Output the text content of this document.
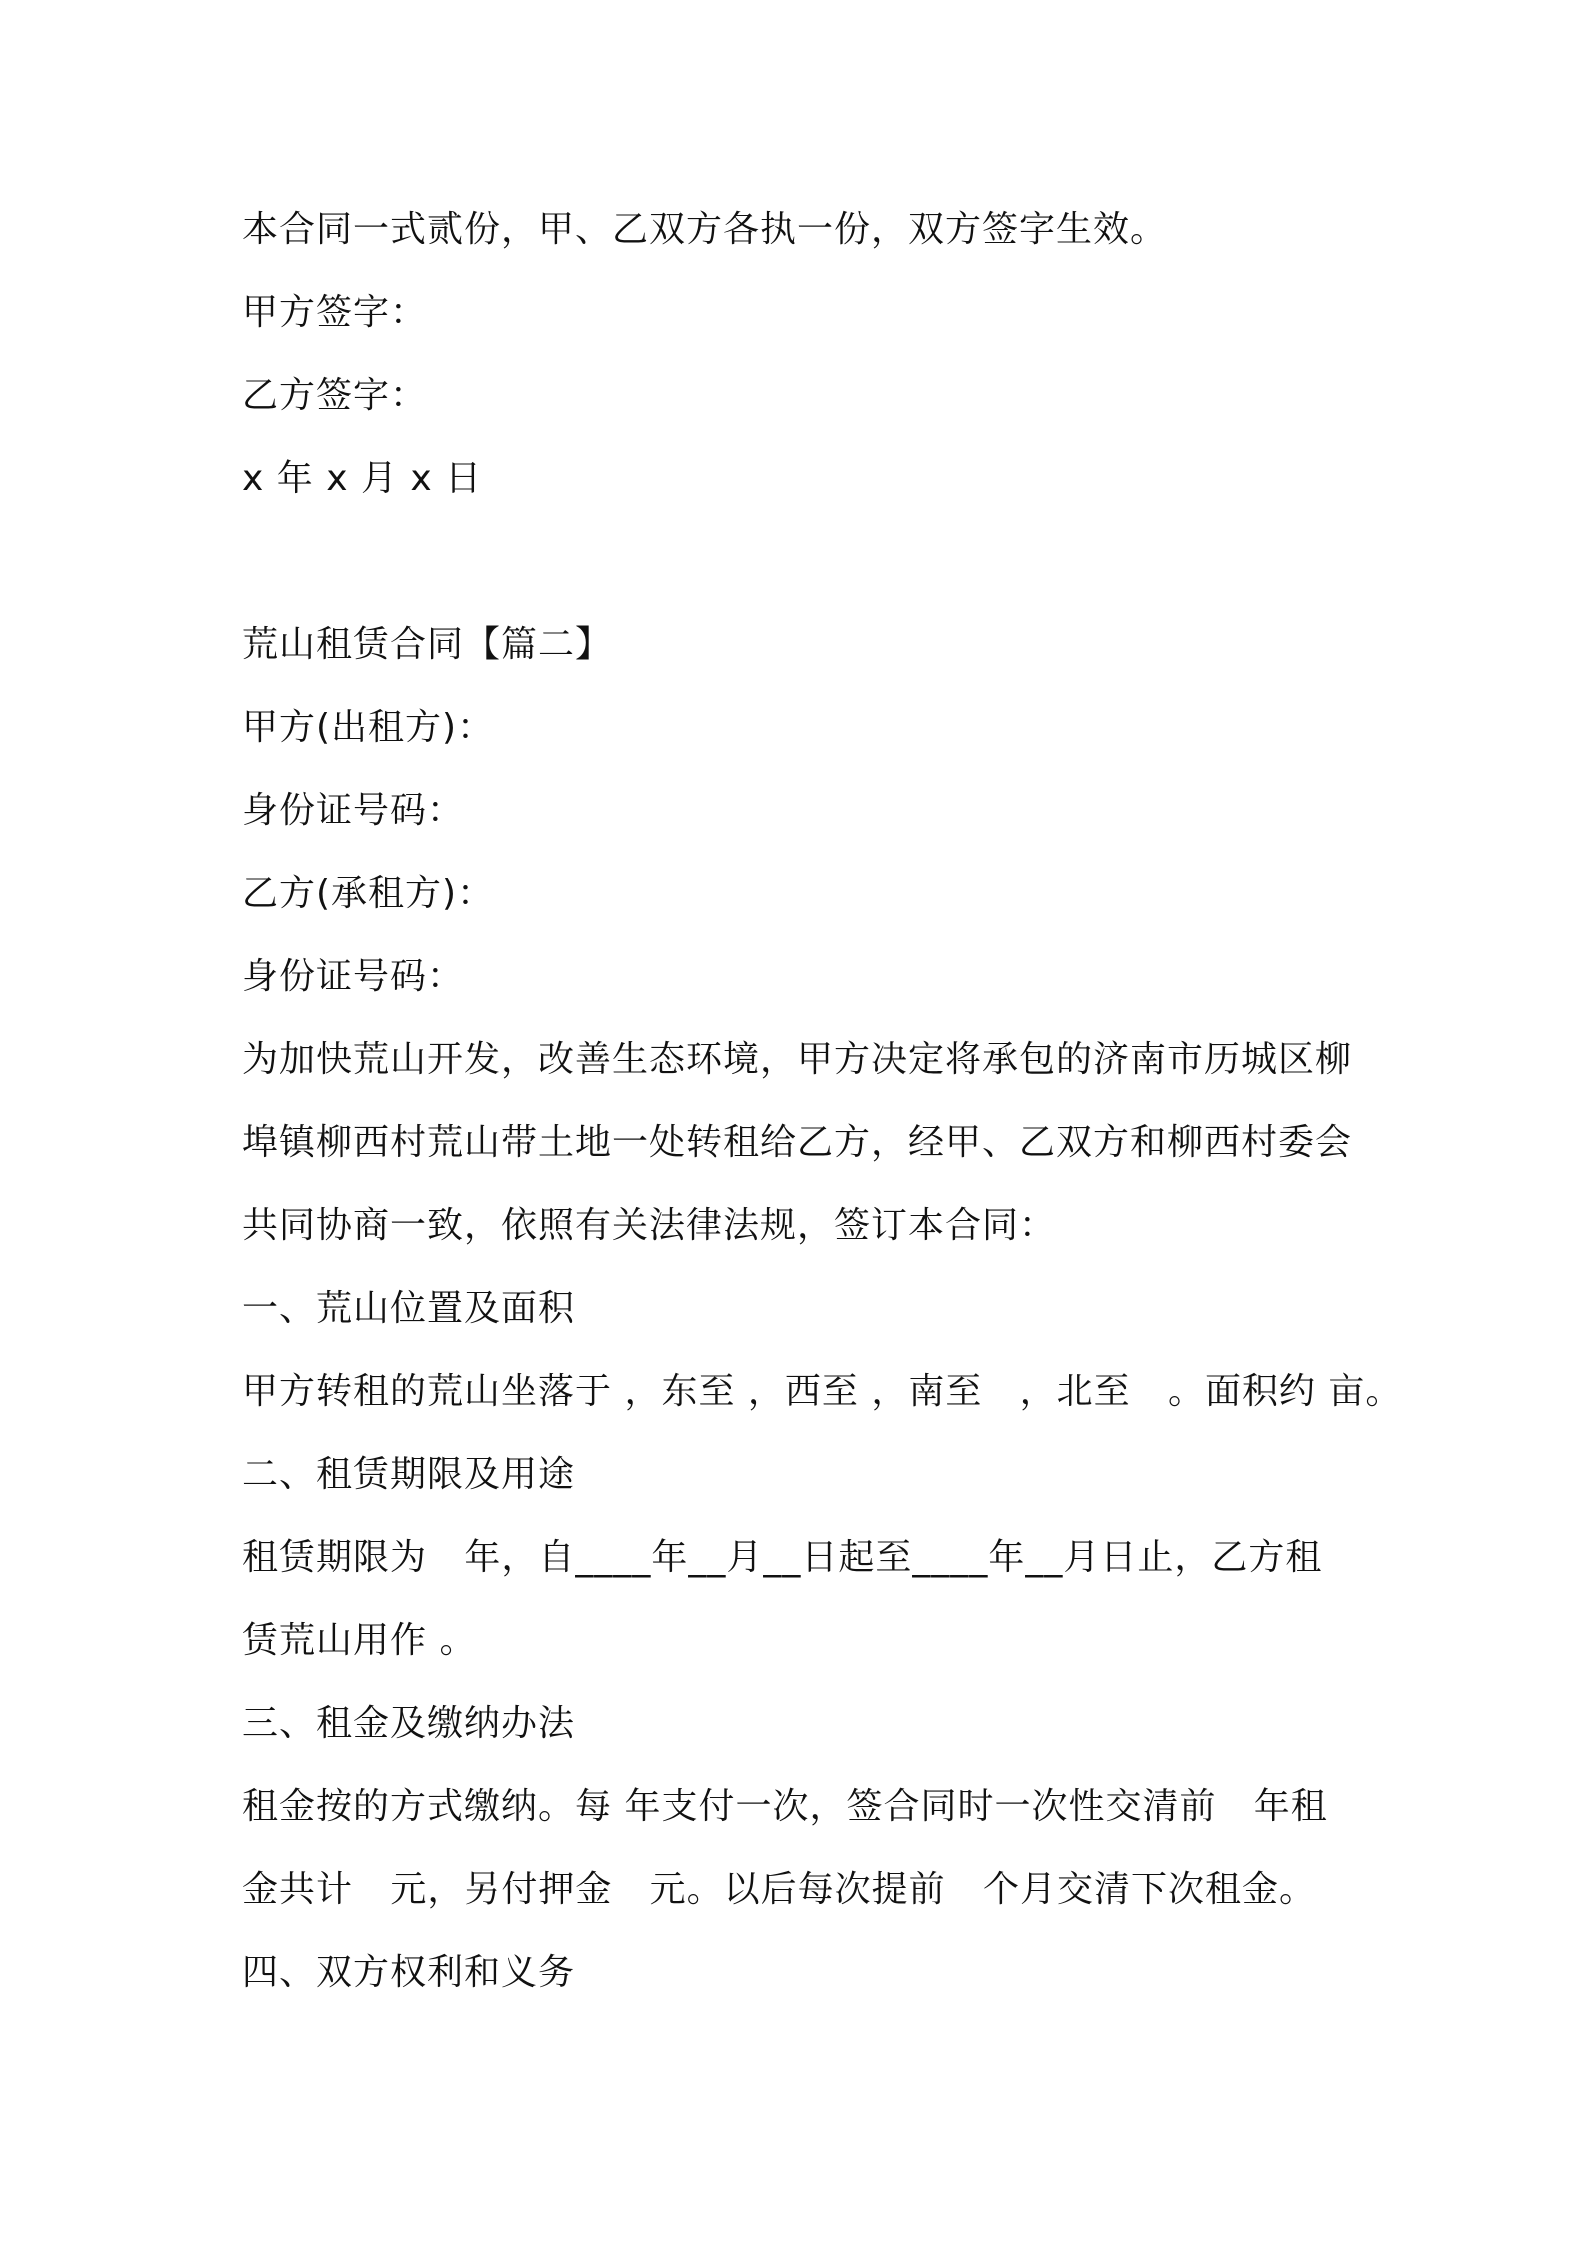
本合同一式贰份，甲、乙双方各执一份，双方签字生效。
甲方签字：
乙方签字：
x 年 x 月 x 日
荒山租赁合同【篇二】
甲方(出租方)：
身份证号码：
乙方(承租方)：
身份证号码：
为加快荒山开发，改善生态环境，甲方决定将承包的济南市历城区柳
埠镇柳西村荒山带土地一处转租给乙方，经甲、乙双方和柳西村委会
共同协商一致，依照有关法律法规，签订本合同：
一、荒山位置及面积
甲方转租的荒山坐落于 ，东至 ，西至 ，南至   ，北至   。面积约 亩。
二、租赁期限及用途
租赁期限为   年，自____年__月__日起至____年__月日止，乙方租
赁荒山用作 。
三、租金及缴纳办法
租金按的方式缴纳。每 年支付一次，签合同时一次性交清前   年租
金共计   元，另付押金   元。以后每次提前   个月交清下次租金。
四、双方权利和义务
